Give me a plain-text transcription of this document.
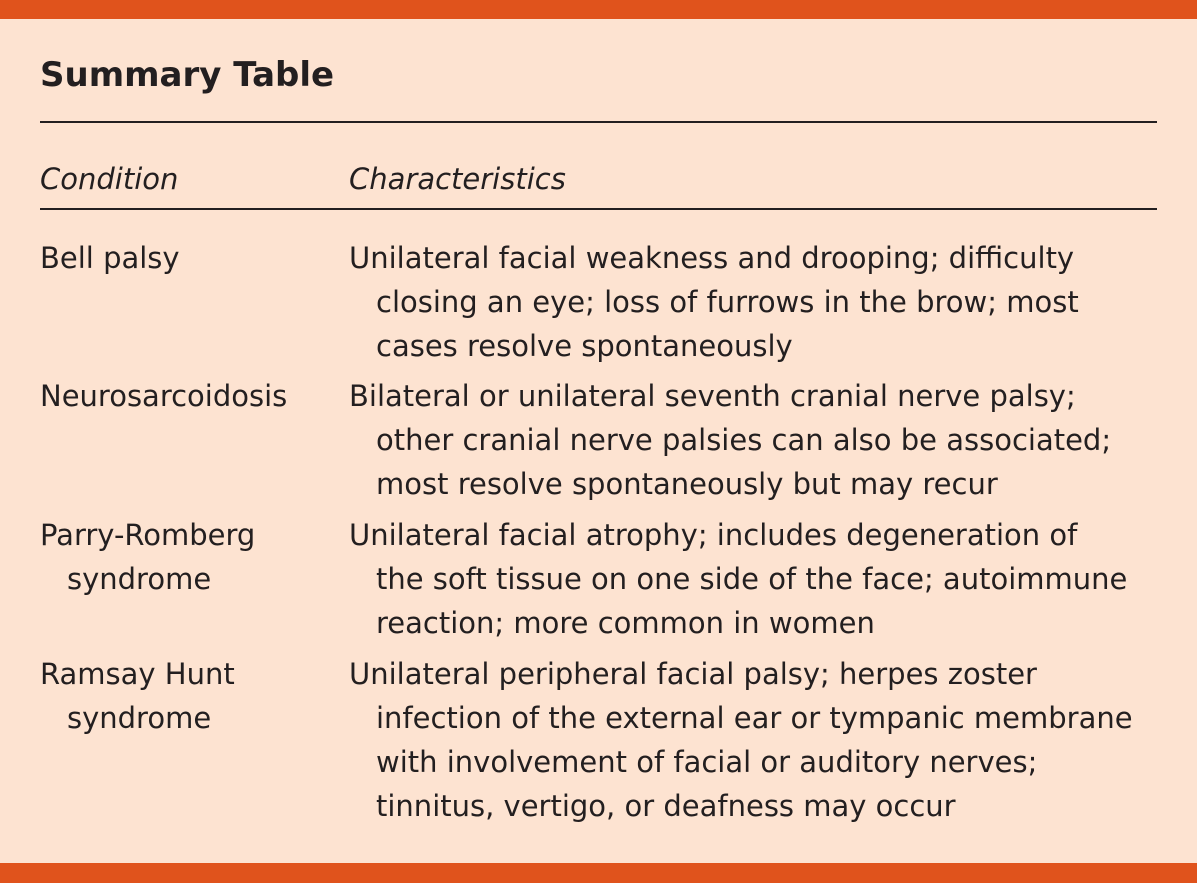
Summary Table
Condition	Characteristics
Bell palsy	Unilateral facial weakness and drooping; difficulty
closing an eye; loss of furrows in the brow; most
cases resolve spontaneously
Neurosarcoidosis Bilateral or unilateral seventh cranial nerve palsy;
other cranial nerve palsies can also be associated;
most resolve spontaneously but may recur
Parry-Romberg
syndrome
Unilateral facial atrophy; includes degeneration of
the soft tissue on one side of the face; autoimmune
reaction; more common in women
Ramsay Hunt
syndrome
Unilateral peripheral facial palsy; herpes zoster
infection of the external ear or tympanic membrane
with involvement of facial or auditory nerves;
tinnitus, vertigo, or deafness may occur
